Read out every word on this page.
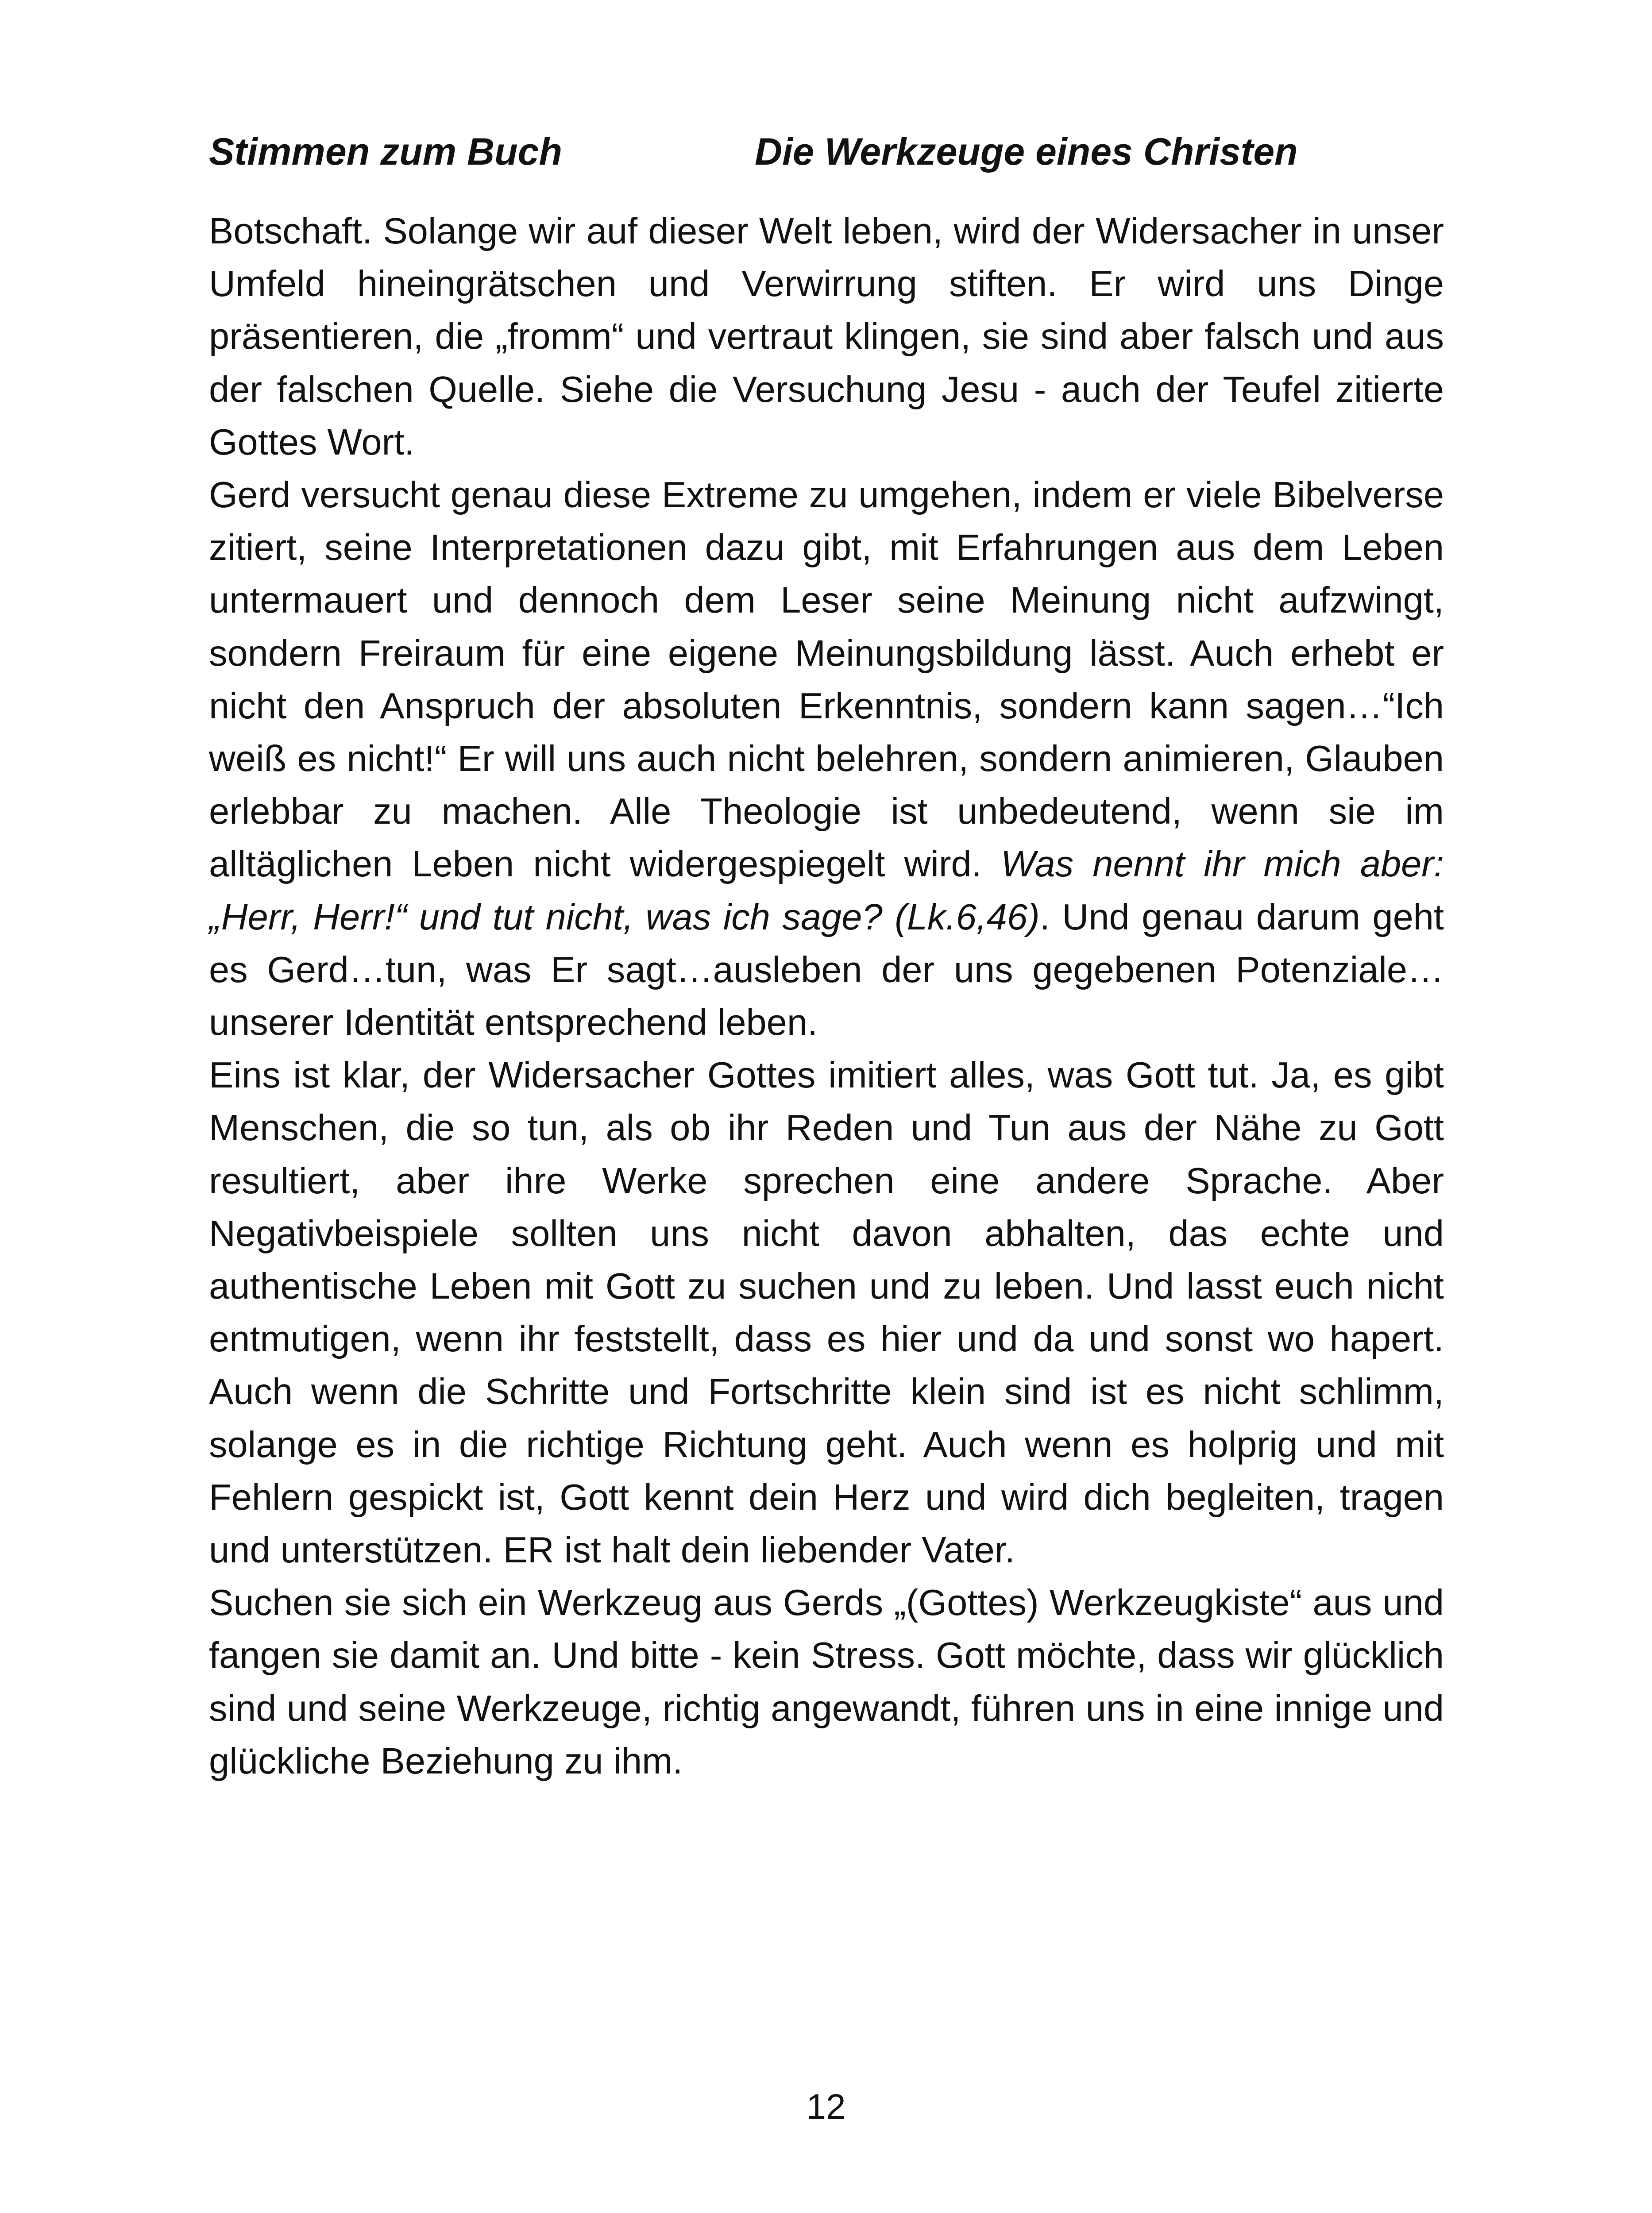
Stimmen zum Buch	Die Werkzeuge eines Christen

Botschaft. Solange wir auf dieser Welt leben, wird der Widersacher in unser Umfeld hineingrätschen und Verwirrung stiften. Er wird uns Dinge präsentieren, die „fromm“ und vertraut klingen, sie sind aber falsch und aus der falschen Quelle. Siehe die Versuchung Jesu - auch der Teufel zitierte Gottes Wort.

Gerd versucht genau diese Extreme zu umgehen, indem er viele Bibelverse zitiert, seine Interpretationen dazu gibt, mit Erfahrungen aus dem Leben untermauert und dennoch dem Leser seine Meinung nicht aufzwingt, sondern Freiraum für eine eigene Meinungsbildung lässt. Auch erhebt er nicht den Anspruch der absoluten Erkenntnis, sondern kann sagen…“Ich weiß es nicht!“ Er will uns auch nicht belehren, sondern animieren, Glauben erlebbar zu machen. Alle Theologie ist unbedeutend, wenn sie im alltäglichen Leben nicht widergespiegelt wird. Was nennt ihr mich aber: „Herr, Herr!“ und tut nicht, was ich sage? (Lk.6,46). Und genau darum geht es Gerd…tun, was Er sagt…ausleben der uns gegebenen Potenziale…unserer Identität entsprechend leben.

Eins ist klar, der Widersacher Gottes imitiert alles, was Gott tut. Ja, es gibt Menschen, die so tun, als ob ihr Reden und Tun aus der Nähe zu Gott resultiert, aber ihre Werke sprechen eine andere Sprache. Aber Negativbeispiele sollten uns nicht davon abhalten, das echte und authentische Leben mit Gott zu suchen und zu leben. Und lasst euch nicht entmutigen, wenn ihr feststellt, dass es hier und da und sonst wo hapert. Auch wenn die Schritte und Fortschritte klein sind ist es nicht schlimm, solange es in die richtige Richtung geht. Auch wenn es holprig und mit Fehlern gespickt ist, Gott kennt dein Herz und wird dich begleiten, tragen und unterstützen. ER ist halt dein liebender Vater.

Suchen sie sich ein Werkzeug aus Gerds „(Gottes) Werkzeugkiste“ aus und fangen sie damit an. Und bitte - kein Stress. Gott möchte, dass wir glücklich sind und seine Werkzeuge, richtig angewandt, führen uns in eine innige und glückliche Beziehung zu ihm.

12
